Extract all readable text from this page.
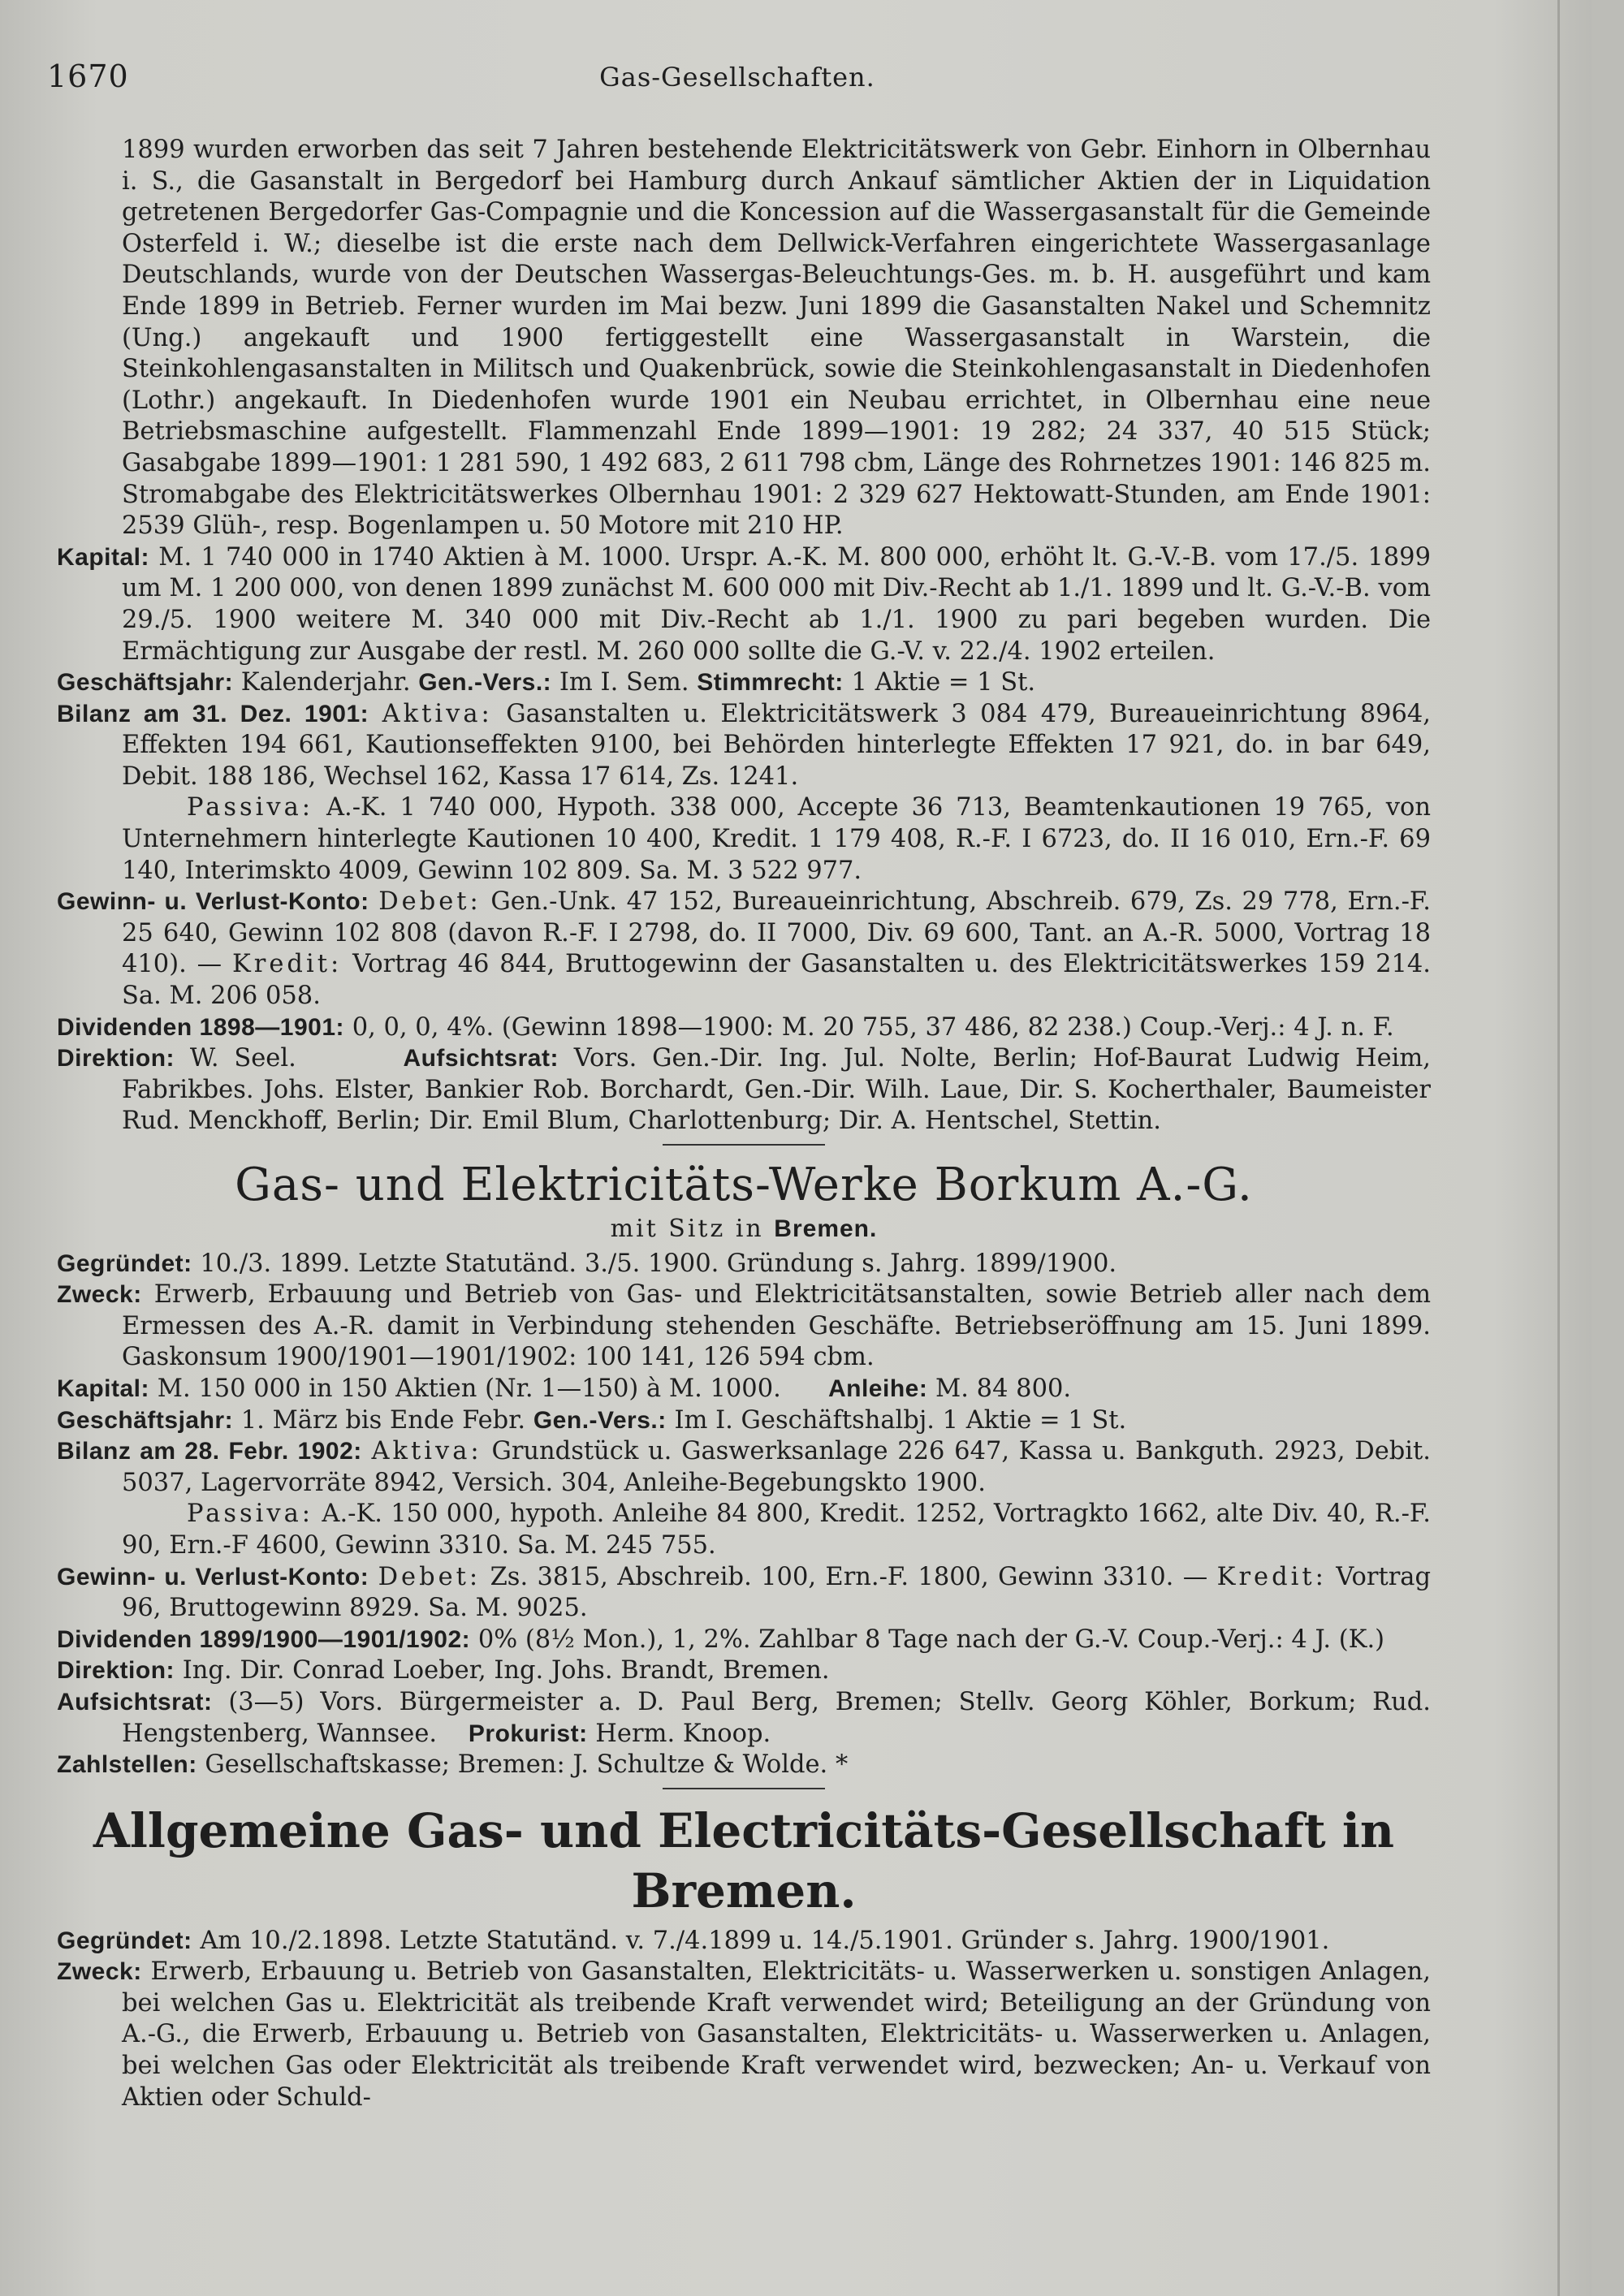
1670	Gas-Gesellschaften.

1899 wurden erworben das seit 7 Jahren bestehende Elektricitätswerk von Gebr. Einhorn in Olbernhau i. S., die Gasanstalt in Bergedorf bei Hamburg durch Ankauf sämtlicher Aktien der in Liquidation getretenen Bergedorfer Gas-Compagnie und die Koncession auf die Wassergasanstalt für die Gemeinde Osterfeld i. W.; dieselbe ist die erste nach dem Dellwick-Verfahren eingerichtete Wassergasanlage Deutschlands, wurde von der Deutschen Wassergas-Beleuchtungs-Ges. m. b. H. ausgeführt und kam Ende 1899 in Betrieb. Ferner wurden im Mai bezw. Juni 1899 die Gasanstalten Nakel und Schemnitz (Ung.) angekauft und 1900 fertiggestellt eine Wassergasanstalt in Warstein, die Steinkohlengasanstalten in Militsch und Quakenbrück, sowie die Steinkohlengasanstalt in Diedenhofen (Lothr.) angekauft. In Diedenhofen wurde 1901 ein Neubau errichtet, in Olbernhau eine neue Betriebsmaschine aufgestellt. Flammenzahl Ende 1899—1901: 19 282; 24 337, 40 515 Stück; Gasabgabe 1899—1901: 1 281 590, 1 492 683, 2 611 798 cbm, Länge des Rohrnetzes 1901: 146 825 m. Stromabgabe des Elektricitätswerkes Olbernhau 1901: 2 329 627 Hektowatt-Stunden, am Ende 1901: 2539 Glüh-, resp. Bogenlampen u. 50 Motore mit 210 HP.

Kapital: M. 1 740 000 in 1740 Aktien à M. 1000. Urspr. A.-K. M. 800 000, erhöht lt. G.-V.-B. vom 17./5. 1899 um M. 1 200 000, von denen 1899 zunächst M. 600 000 mit Div.-Recht ab 1./1. 1899 und lt. G.-V.-B. vom 29./5. 1900 weitere M. 340 000 mit Div.-Recht ab 1./1. 1900 zu pari begeben wurden. Die Ermächtigung zur Ausgabe der restl. M. 260 000 sollte die G.-V. v. 22./4. 1902 erteilen.

Geschäftsjahr: Kalenderjahr. Gen.-Vers.: Im I. Sem. Stimmrecht: 1 Aktie = 1 St.

Bilanz am 31. Dez. 1901: Aktiva: Gasanstalten u. Elektricitätswerk 3 084 479, Bureaueinrichtung 8964, Effekten 194 661, Kautionseffekten 9100, bei Behörden hinterlegte Effekten 17 921, do. in bar 649, Debit. 188 186, Wechsel 162, Kassa 17 614, Zs. 1241.

Passiva: A.-K. 1 740 000, Hypoth. 338 000, Accepte 36 713, Beamtenkautionen 19 765, von Unternehmern hinterlegte Kautionen 10 400, Kredit. 1 179 408, R.-F. I 6723, do. II 16 010, Ern.-F. 69 140, Interimskto 4009, Gewinn 102 809. Sa. M. 3 522 977.

Gewinn- u. Verlust-Konto: Debet: Gen.-Unk. 47 152, Bureaueinrichtung, Abschreib. 679, Zs. 29 778, Ern.-F. 25 640, Gewinn 102 808 (davon R.-F. I 2798, do. II 7000, Div. 69 600, Tant. an A.-R. 5000, Vortrag 18 410). — Kredit: Vortrag 46 844, Bruttogewinn der Gasanstalten u. des Elektricitätswerkes 159 214. Sa. M. 206 058.

Dividenden 1898—1901: 0, 0, 0, 4%. (Gewinn 1898—1900: M. 20 755, 37 486, 82 238.) Coup.-Verj.: 4 J. n. F.

Direktion: W. Seel.	Aufsichtsrat: Vors. Gen.-Dir. Ing. Jul. Nolte, Berlin; Hof-Baurat Ludwig Heim, Fabrikbes. Johs. Elster, Bankier Rob. Borchardt, Gen.-Dir. Wilh. Laue, Dir. S. Kocherthaler, Baumeister Rud. Menckhoff, Berlin; Dir. Emil Blum, Charlottenburg; Dir. A. Hentschel, Stettin.

Gas- und Elektricitäts-Werke Borkum A.-G.
mit Sitz in Bremen.

Gegründet: 10./3. 1899. Letzte Statutänd. 3./5. 1900. Gründung s. Jahrg. 1899/1900.

Zweck: Erwerb, Erbauung und Betrieb von Gas- und Elektricitätsanstalten, sowie Betrieb aller nach dem Ermessen des A.-R. damit in Verbindung stehenden Geschäfte. Betriebseröffnung am 15. Juni 1899. Gaskonsum 1900/1901—1901/1902: 100 141, 126 594 cbm.

Kapital: M. 150 000 in 150 Aktien (Nr. 1—150) à M. 1000. Anleihe: M. 84 800.

Geschäftsjahr: 1. März bis Ende Febr. Gen.-Vers.: Im I. Geschäftshalbj. 1 Aktie = 1 St.

Bilanz am 28. Febr. 1902: Aktiva: Grundstück u. Gaswerksanlage 226 647, Kassa u. Bankguth. 2923, Debit. 5037, Lagervorräte 8942, Versich. 304, Anleihe-Begebungskto 1900.

Passiva: A.-K. 150 000, hypoth. Anleihe 84 800, Kredit. 1252, Vortragkto 1662, alte Div. 40, R.-F. 90, Ern.-F 4600, Gewinn 3310. Sa. M. 245 755.

Gewinn- u. Verlust-Konto: Debet: Zs. 3815, Abschreib. 100, Ern.-F. 1800, Gewinn 3310. — Kredit: Vortrag 96, Bruttogewinn 8929. Sa. M. 9025.

Dividenden 1899/1900—1901/1902: 0% (8½ Mon.), 1, 2%. Zahlbar 8 Tage nach der G.-V. Coup.-Verj.: 4 J. (K.)

Direktion: Ing. Dir. Conrad Loeber, Ing. Johs. Brandt, Bremen.

Aufsichtsrat: (3—5) Vors. Bürgermeister a. D. Paul Berg, Bremen; Stellv. Georg Köhler, Borkum; Rud. Hengstenberg, Wannsee. Prokurist: Herm. Knoop.

Zahlstellen: Gesellschaftskasse; Bremen: J. Schultze & Wolde. *

Allgemeine Gas- und Electricitäts-Gesellschaft in Bremen.

Gegründet: Am 10./2.1898. Letzte Statutänd. v. 7./4.1899 u. 14./5.1901. Gründer s. Jahrg. 1900/1901.

Zweck: Erwerb, Erbauung u. Betrieb von Gasanstalten, Elektricitäts- u. Wasserwerken u. sonstigen Anlagen, bei welchen Gas u. Elektricität als treibende Kraft verwendet wird; Beteiligung an der Gründung von A.-G., die Erwerb, Erbauung u. Betrieb von Gasanstalten, Elektricitäts- u. Wasserwerken u. Anlagen, bei welchen Gas oder Elektricität als treibende Kraft verwendet wird, bezwecken; An- u. Verkauf von Aktien oder Schuld-
